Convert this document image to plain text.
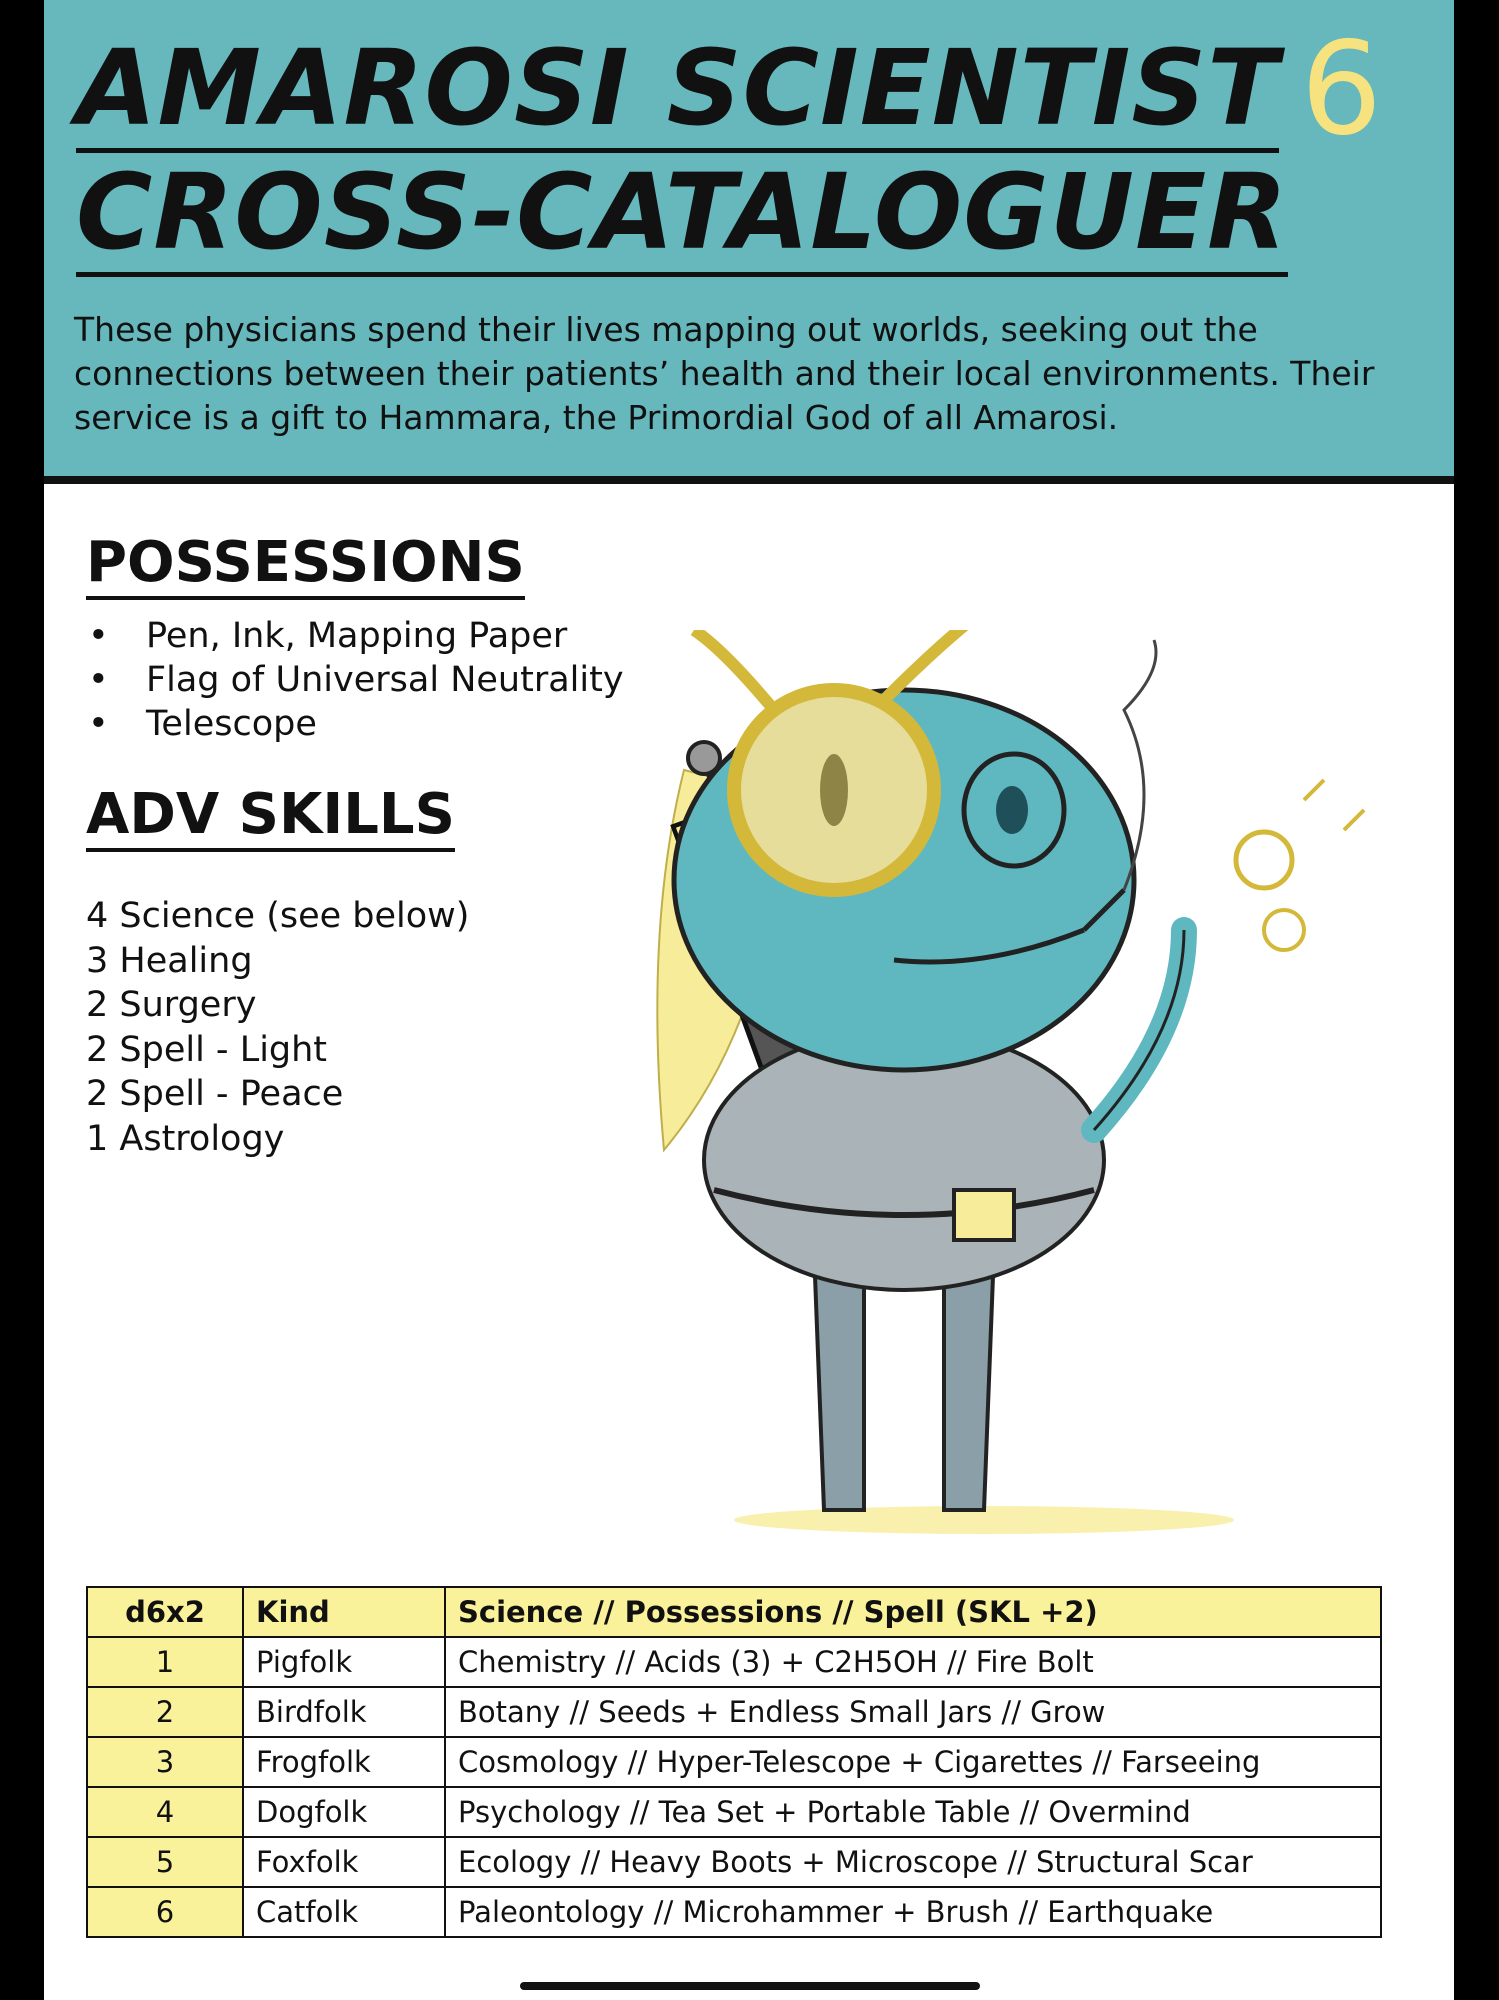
AMAROSI SCIENTIST
CROSS-CATALOGUER
6
These physicians spend their lives mapping out worlds, seeking out the connections between their patients’ health and their local environments. Their service is a gift to Hammara, the Primordial God of all Amarosi.
POSSESSIONS
• Pen, Ink, Mapping Paper
• Flag of Universal Neutrality
• Telescope
ADV SKILLS
4 Science (see below)
3 Healing
2 Surgery
2 Spell - Light
2 Spell - Peace
1 Astrology
d6x2	Kind	Science // Possessions // Spell (SKL +2)
1	Pigfolk	Chemistry // Acids (3) + C2H5OH // Fire Bolt
2	Birdfolk	Botany // Seeds + Endless Small Jars // Grow
3	Frogfolk	Cosmology // Hyper-Telescope + Cigarettes // Farseeing
4	Dogfolk	Psychology // Tea Set + Portable Table // Overmind
5	Foxfolk	Ecology // Heavy Boots + Microscope // Structural Scar
6	Catfolk	Paleontology // Microhammer + Brush // Earthquake
